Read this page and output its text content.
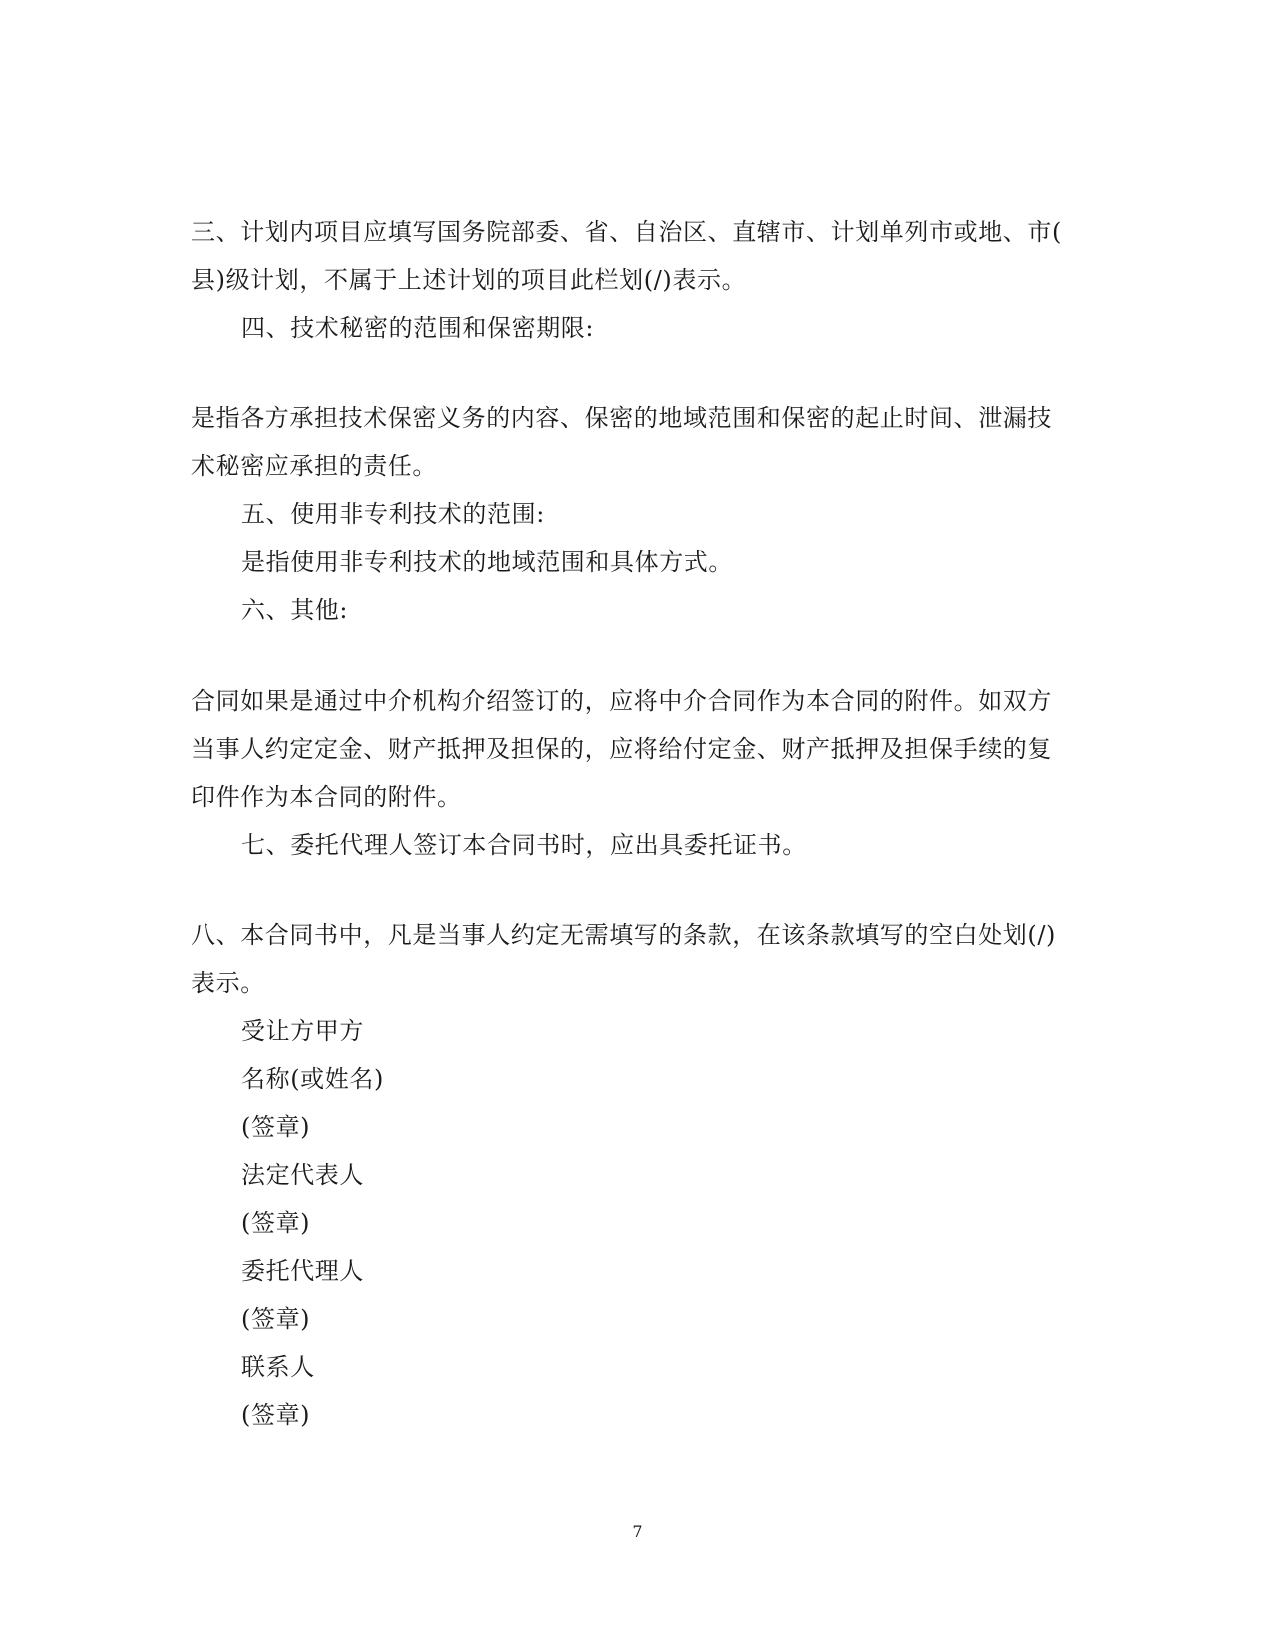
三、计划内项目应填写国务院部委、省、自治区、直辖市、计划单列市或地、市(
县)级计划，不属于上述计划的项目此栏划(/)表示。
四、技术秘密的范围和保密期限:
是指各方承担技术保密义务的内容、保密的地域范围和保密的起止时间、泄漏技
术秘密应承担的责任。
五、使用非专利技术的范围:
是指使用非专利技术的地域范围和具体方式。
六、其他:
合同如果是通过中介机构介绍签订的，应将中介合同作为本合同的附件。如双方
当事人约定定金、财产抵押及担保的，应将给付定金、财产抵押及担保手续的复
印件作为本合同的附件。
七、委托代理人签订本合同书时，应出具委托证书。
八、本合同书中，凡是当事人约定无需填写的条款，在该条款填写的空白处划(/)
表示。
受让方甲方
名称(或姓名)
(签章)
法定代表人
(签章)
委托代理人
(签章)
联系人
(签章)
7
